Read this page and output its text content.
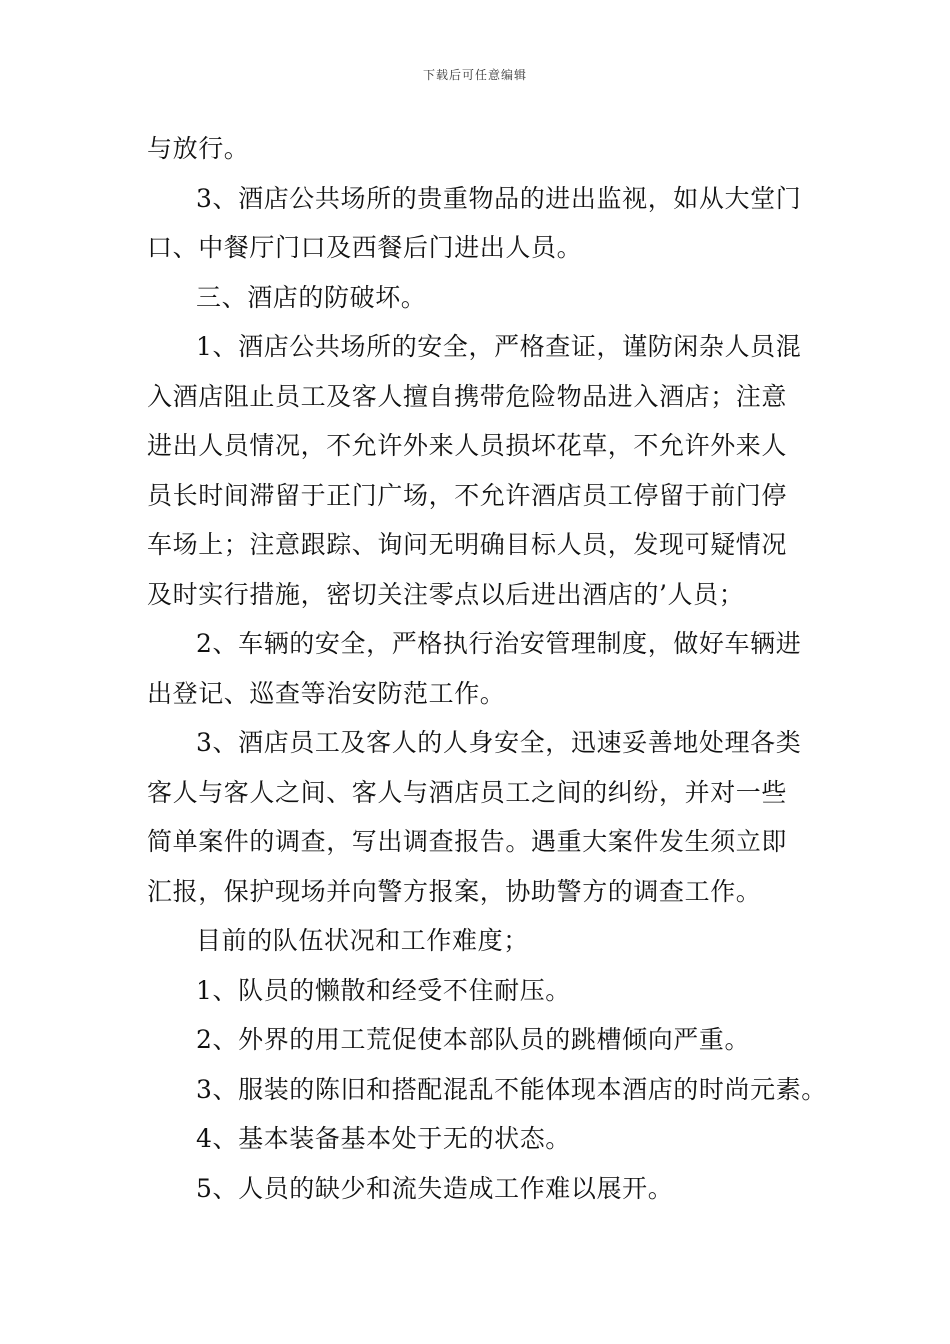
下载后可任意编辑

与放行。

3、酒店公共场所的贵重物品的进出监视，如从大堂门

口、中餐厅门口及西餐后门进出人员。

三、酒店的防破坏。

1、酒店公共场所的安全，严格查证，谨防闲杂人员混

入酒店阻止员工及客人擅自携带危险物品进入酒店；注意

进出人员情况，不允许外来人员损坏花草，不允许外来人

员长时间滞留于正门广场，不允许酒店员工停留于前门停

车场上；注意跟踪、询问无明确目标人员，发现可疑情况

及时实行措施，密切关注零点以后进出酒店的’人员；

2、车辆的安全，严格执行治安管理制度，做好车辆进

出登记、巡查等治安防范工作。

3、酒店员工及客人的人身安全，迅速妥善地处理各类

客人与客人之间、客人与酒店员工之间的纠纷，并对一些

简单案件的调查，写出调查报告。遇重大案件发生须立即

汇报，保护现场并向警方报案，协助警方的调查工作。

目前的队伍状况和工作难度；

1、队员的懒散和经受不住耐压。

2、外界的用工荒促使本部队员的跳槽倾向严重。

3、服装的陈旧和搭配混乱不能体现本酒店的时尚元素。

4、基本装备基本处于无的状态。

5、人员的缺少和流失造成工作难以展开。
